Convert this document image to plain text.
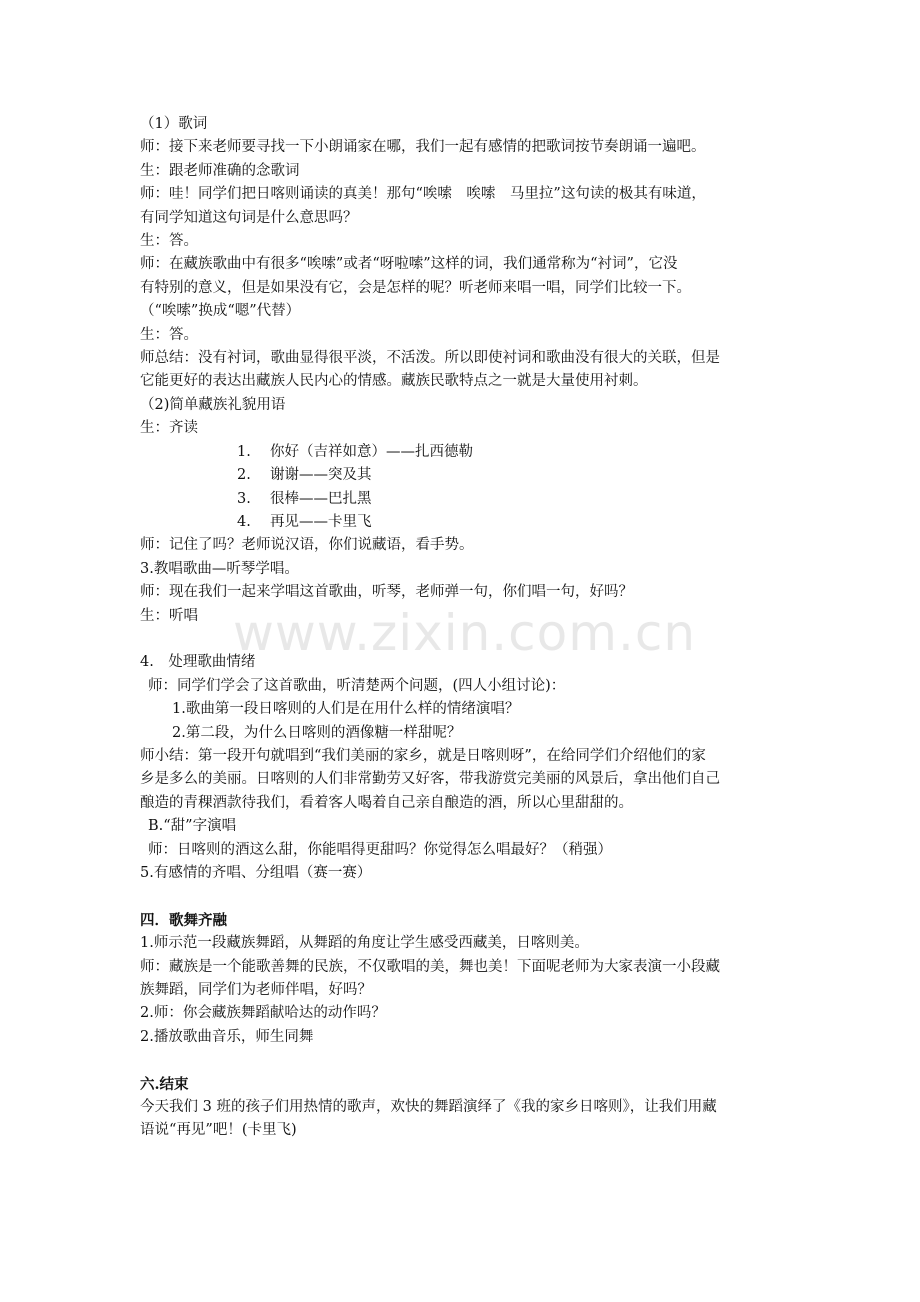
（1）歌词

师：接下来老师要寻找一下小朗诵家在哪，我们一起有感情的把歌词按节奏朗诵一遍吧。

生：跟老师准确的念歌词

师：哇！同学们把日喀则诵读的真美！那句“唉嗦　唉嗦　马里拉”这句读的极其有味道，

有同学知道这句词是什么意思吗？

生：答。

师：在藏族歌曲中有很多“唉嗦”或者“呀啦嗦”这样的词，我们通常称为“衬词”，它没

有特别的意义，但是如果没有它，会是怎样的呢？听老师来唱一唱，同学们比较一下。

（“唉嗦”换成“嗯”代替）

生：答。

师总结：没有衬词，歌曲显得很平淡，不活泼。所以即使衬词和歌曲没有很大的关联，但是

它能更好的表达出藏族人民内心的情感。藏族民歌特点之一就是大量使用衬刺。

（2)简单藏族礼貌用语

生：齐读

1. 你好（吉祥如意）——扎西德勒

2. 谢谢——突及其

3. 很棒——巴扎黑

4. 再见——卡里飞

师：记住了吗？老师说汉语，你们说藏语，看手势。

3.教唱歌曲—听琴学唱。

师：现在我们一起来学唱这首歌曲，听琴，老师弹一句，你们唱一句，好吗？

生：听唱

4.　处理歌曲情绪

师：同学们学会了这首歌曲，听清楚两个问题，(四人小组讨论)：

1.歌曲第一段日喀则的人们是在用什么样的情绪演唱？

2.第二段，为什么日喀则的酒像糖一样甜呢？

师小结：第一段开句就唱到“我们美丽的家乡，就是日喀则呀”，在给同学们介绍他们的家

乡是多么的美丽。日喀则的人们非常勤劳又好客，带我游赏完美丽的风景后，拿出他们自己

酿造的青稞酒款待我们，看着客人喝着自己亲自酿造的酒，所以心里甜甜的。

B.“甜”字演唱

师：日喀则的酒这么甜，你能唱得更甜吗？你觉得怎么唱最好？（稍强）

5.有感情的齐唱、分组唱（赛一赛）

四．歌舞齐融

1.师示范一段藏族舞蹈，从舞蹈的角度让学生感受西藏美，日喀则美。

师：藏族是一个能歌善舞的民族，不仅歌唱的美，舞也美！下面呢老师为大家表演一小段藏

族舞蹈，同学们为老师伴唱，好吗？

2.师：你会藏族舞蹈献哈达的动作吗？

2.播放歌曲音乐，师生同舞

六.结束

今天我们 3 班的孩子们用热情的歌声，欢快的舞蹈演绎了《我的家乡日喀则》，让我们用藏

语说“再见”吧！(卡里飞)

www.zixin.com.cn
